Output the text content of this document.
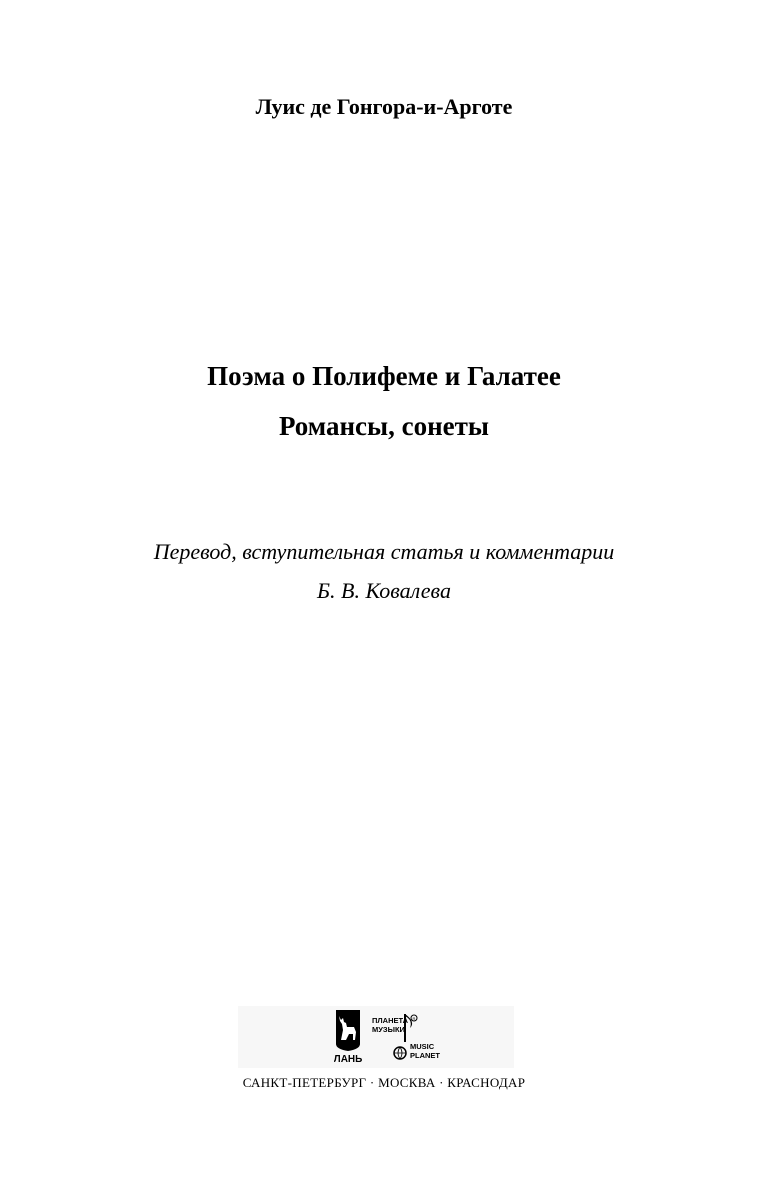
Луис де Гонгора-и-Арготе
Поэма о Полифеме и Галатее
Романсы, сонеты
Перевод, вступительная статья и комментарии
Б. В. Ковалева
ЛАНЬ
ПЛАНЕТА
МУЗЫКИ
R
MUSIC
PLANET
САНКТ-ПЕТЕРБУРГ · МОСКВА · КРАСНОДАР
